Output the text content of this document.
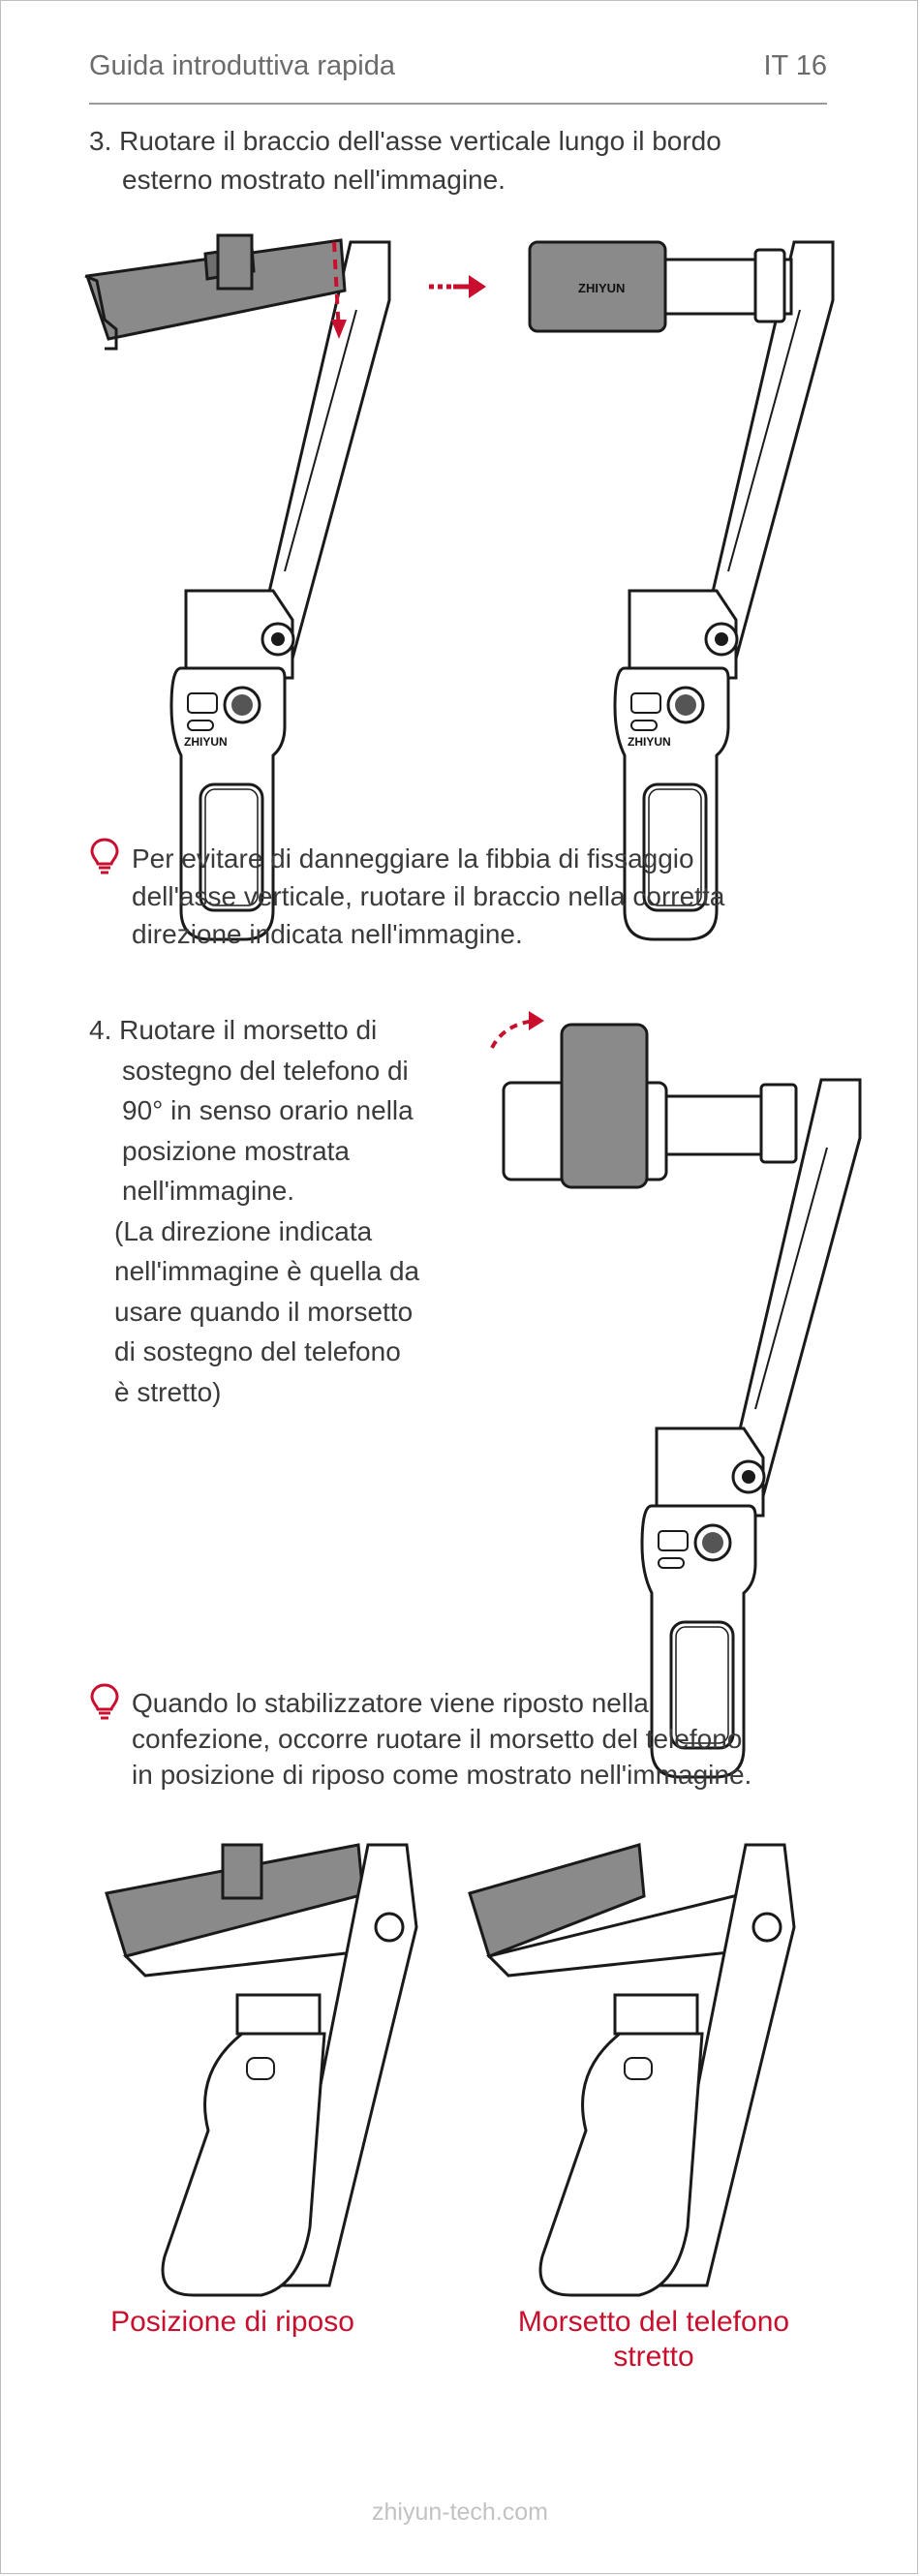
Guida introduttiva rapida	IT 16
3. Ruotare il braccio dell'asse verticale lungo il bordo
esterno mostrato nell'immagine.
ZHIYUN
ZHIYUN	ZHIYUN
Per evitare di danneggiare la fibbia di fissaggio
dell'asse verticale, ruotare il braccio nella corretta
direzione indicata nell'immagine.
4. Ruotare il morsetto di
sostegno del telefono di
90° in senso orario nella
posizione mostrata
nell'immagine.
(La direzione indicata
nell'immagine è quella da
usare quando il morsetto
di sostegno del telefono
è stretto)
Quando lo stabilizzatore viene riposto nella
confezione, occorre ruotare il morsetto del telefono
in posizione di riposo come mostrato nell'immagine.
Posizione di riposo	Morsetto del telefono
stretto
zhiyun-tech.com
